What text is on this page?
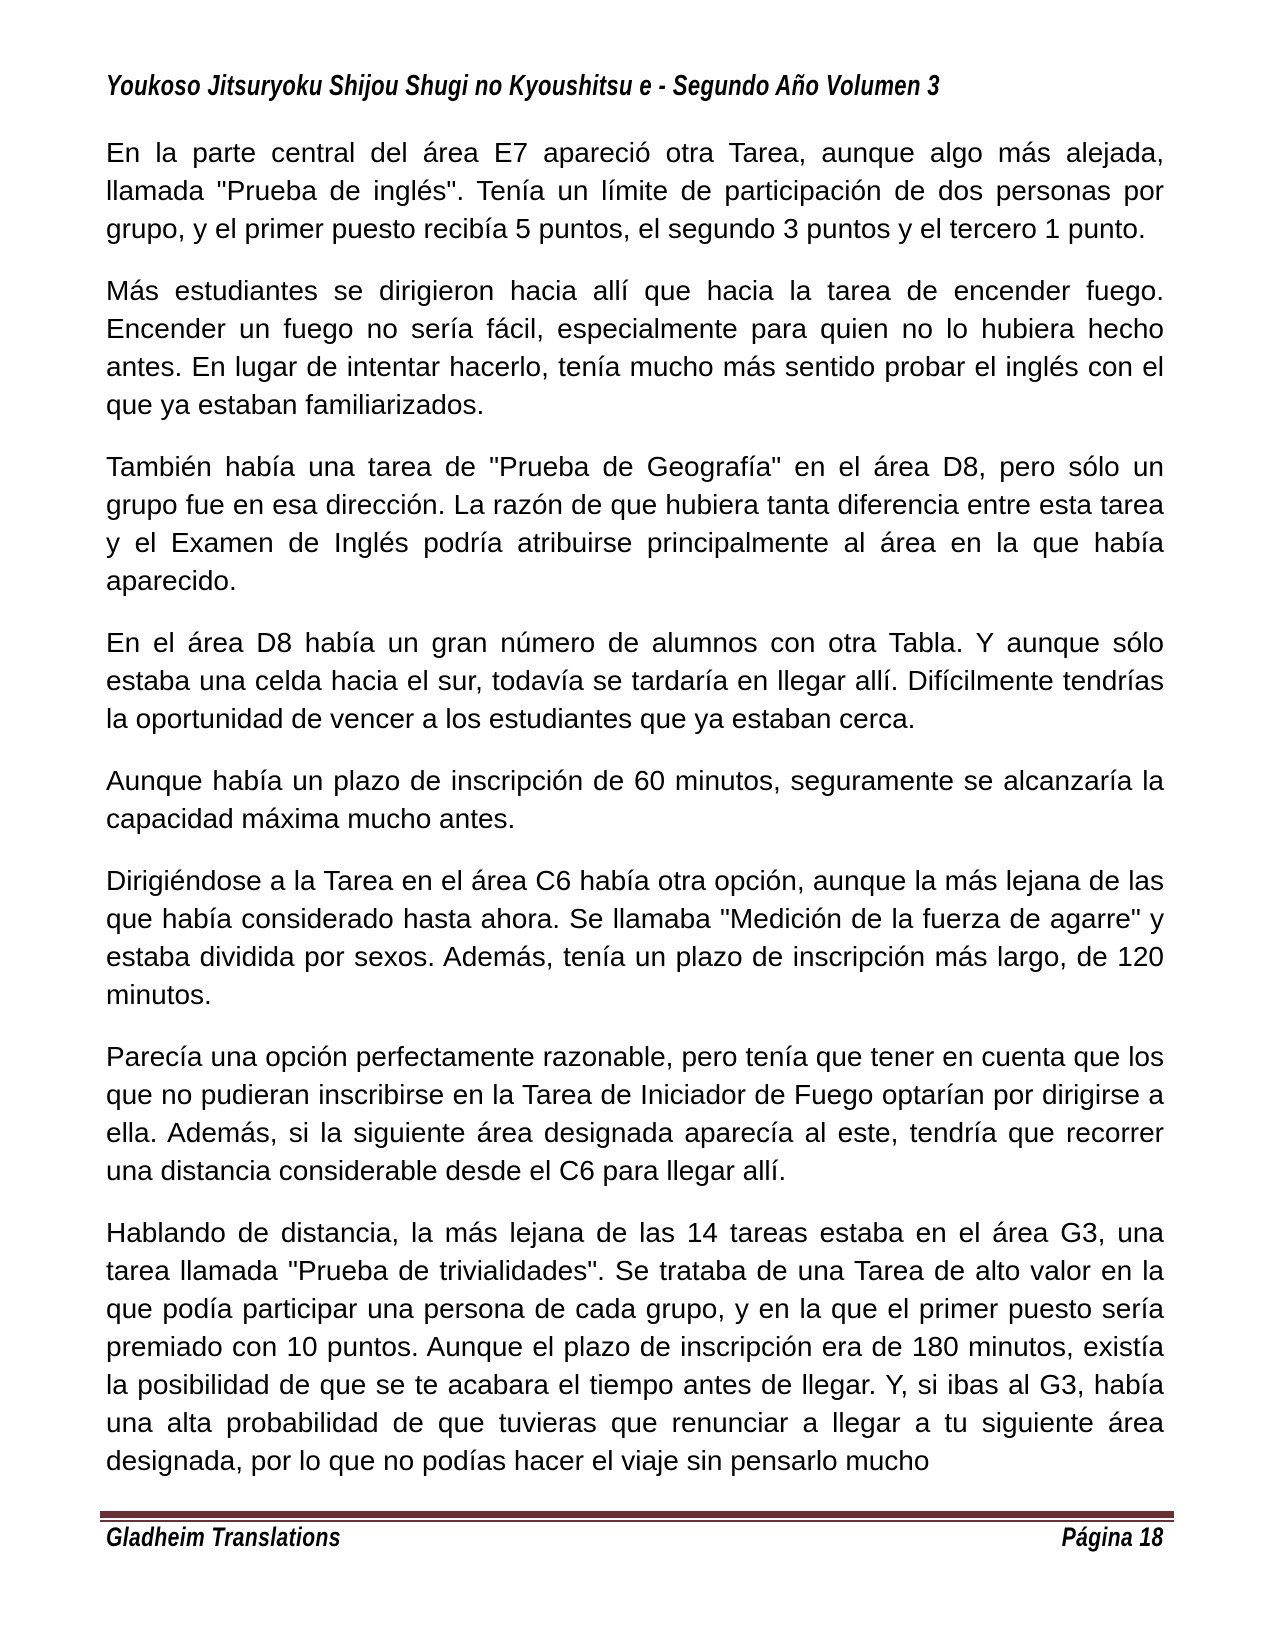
Youkoso Jitsuryoku Shijou Shugi no Kyoushitsu e - Segundo Año Volumen 3

En la parte central del área E7 apareció otra Tarea, aunque algo más alejada, llamada "Prueba de inglés". Tenía un límite de participación de dos personas por grupo, y el primer puesto recibía 5 puntos, el segundo 3 puntos y el tercero 1 punto.

Más estudiantes se dirigieron hacia allí que hacia la tarea de encender fuego. Encender un fuego no sería fácil, especialmente para quien no lo hubiera hecho antes. En lugar de intentar hacerlo, tenía mucho más sentido probar el inglés con el que ya estaban familiarizados.

También había una tarea de "Prueba de Geografía" en el área D8, pero sólo un grupo fue en esa dirección. La razón de que hubiera tanta diferencia entre esta tarea y el Examen de Inglés podría atribuirse principalmente al área en la que había aparecido.

En el área D8 había un gran número de alumnos con otra Tabla. Y aunque sólo estaba una celda hacia el sur, todavía se tardaría en llegar allí. Difícilmente tendrías la oportunidad de vencer a los estudiantes que ya estaban cerca.

Aunque había un plazo de inscripción de 60 minutos, seguramente se alcanzaría la capacidad máxima mucho antes.

Dirigiéndose a la Tarea en el área C6 había otra opción, aunque la más lejana de las que había considerado hasta ahora. Se llamaba "Medición de la fuerza de agarre" y estaba dividida por sexos. Además, tenía un plazo de inscripción más largo, de 120 minutos.

Parecía una opción perfectamente razonable, pero tenía que tener en cuenta que los que no pudieran inscribirse en la Tarea de Iniciador de Fuego optarían por dirigirse a ella. Además, si la siguiente área designada aparecía al este, tendría que recorrer una distancia considerable desde el C6 para llegar allí.

Hablando de distancia, la más lejana de las 14 tareas estaba en el área G3, una tarea llamada "Prueba de trivialidades". Se trataba de una Tarea de alto valor en la que podía participar una persona de cada grupo, y en la que el primer puesto sería premiado con 10 puntos. Aunque el plazo de inscripción era de 180 minutos, existía la posibilidad de que se te acabara el tiempo antes de llegar. Y, si ibas al G3, había una alta probabilidad de que tuvieras que renunciar a llegar a tu siguiente área designada, por lo que no podías hacer el viaje sin pensarlo mucho

Gladheim Translations	Página 18
